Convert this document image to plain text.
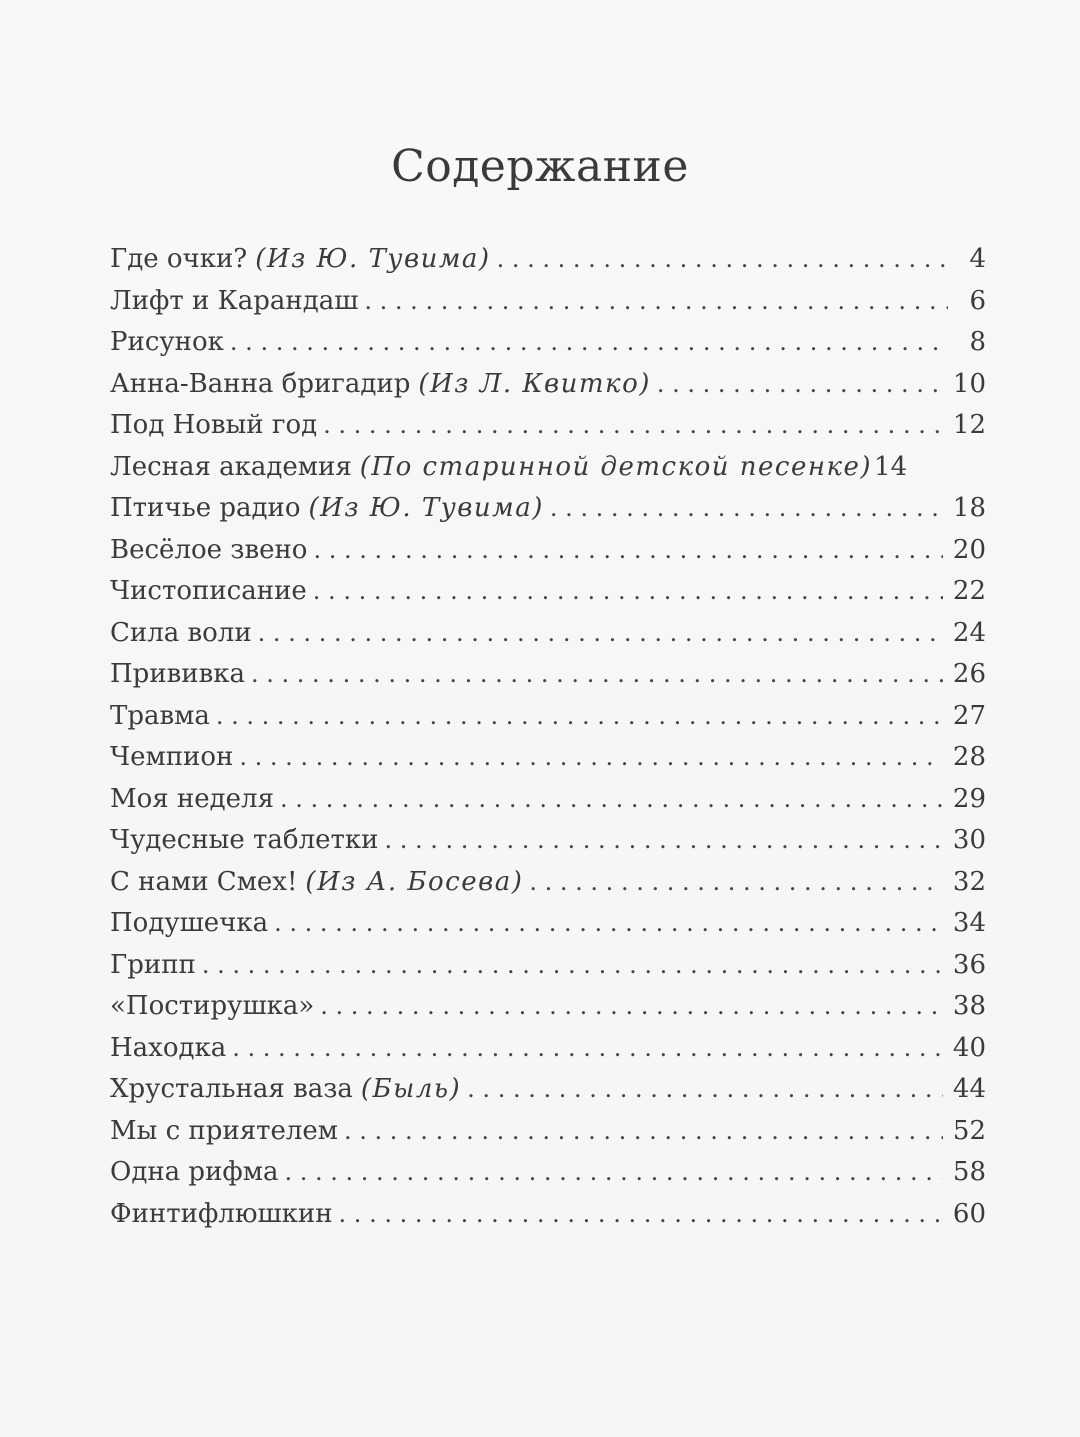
Содержание
Где очки? (Из Ю. Тувима) . . .	4
Лифт и Карандаш . . .	6
Рисунок . . .	8
Анна-Ванна бригадир (Из Л. Квитко) . . .	10
Под Новый год . . .	12
Лесная академия (По старинной детской песенке) 14
Птичье радио (Из Ю. Тувима) . . .	18
Весёлое звено . . .	20
Чистописание . . .	22
Сила воли . . .	24
Прививка . . .	26
Травма . . .	27
Чемпион . . .	28
Моя неделя . . .	29
Чудесные таблетки . . .	30
С нами Смех! (Из А. Босева) . . .	32
Подушечка . . .	34
Грипп . . .	36
«Постирушка» . . .	38
Находка . . .	40
Хрустальная ваза (Быль) . . .	44
Мы с приятелем . . .	52
Одна рифма . . .	58
Финтифлюшкин . . .	60
